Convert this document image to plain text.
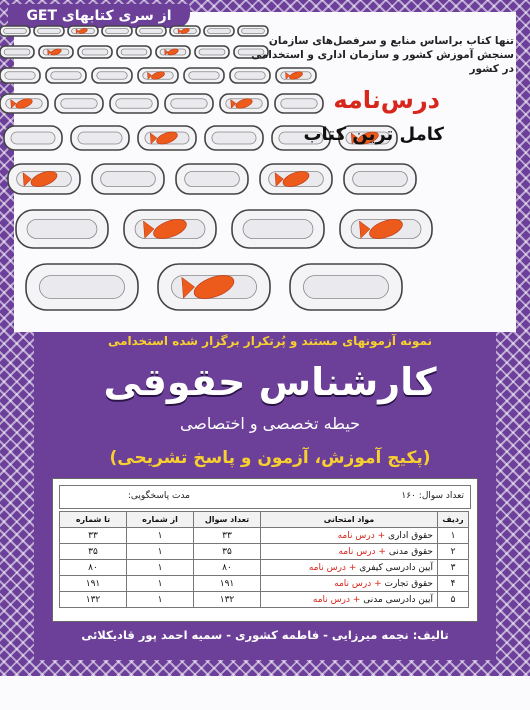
از سری کتابهای GET
تنها کتاب براساس منابع و سرفصل‌های سازمان سنجش آموزش کشور و سازمان اداری و استخدامی در کشور
درس‌نامه
کامل ترین کتاب
نمونه آزمونهای مستند و پُرتکرار برگزار شده استخدامی
کارشناس حقوقی
حیطه تخصصی و اختصاصی
(پکیج آموزش، آزمون و پاسخ تشریحی)
تعداد سوال: ۱۶۰
مدت پاسخگویی:
ردیف	مواد امتحانی	تعداد سوال	از شماره	تا شماره
۱	حقوق اداری + درس نامه	۳۳	۱	۳۳
۲	حقوق مدنی + درس نامه	۳۵	۱	۳۵
۳	آیین دادرسی کیفری + درس نامه	۸۰	۱	۸۰
۴	حقوق تجارت + درس نامه	۱۹۱	۱	۱۹۱
۵	آیین دادرسی مدنی + درس نامه	۱۳۲	۱	۱۳۲
تالیف: نجمه میرزایی - فاطمه کشوری - سمیه احمد پور قادیکلائی
